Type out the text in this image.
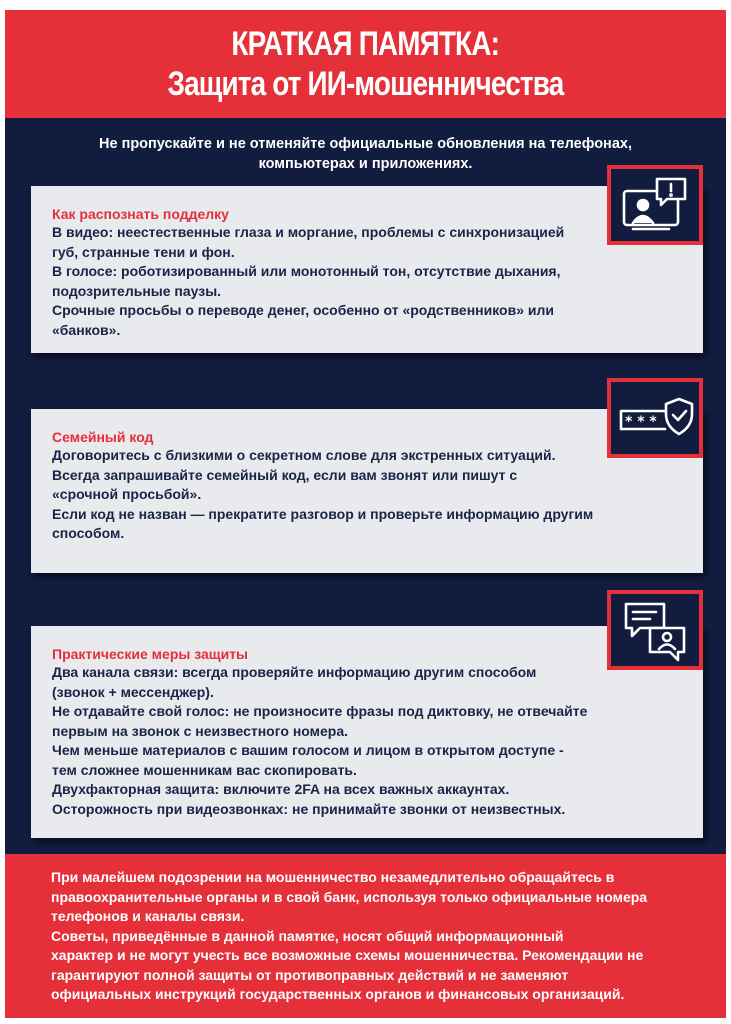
КРАТКАЯ ПАМЯТКА:
Защита от ИИ-мошенничества
Не пропускайте и не отменяйте официальные обновления на телефонах,
компьютерах и приложениях.
Как распознать подделку
В видео: неестественные глаза и моргание, проблемы с синхронизацией
губ, странные тени и фон.
В голосе: роботизированный или монотонный тон, отсутствие дыхания,
подозрительные паузы.
Срочные просьбы о переводе денег, особенно от «родственников» или
«банков».
Семейный код
Договоритесь с близкими о секретном слове для экстренных ситуаций.
Всегда запрашивайте семейный код, если вам звонят или пишут с
«срочной просьбой».
Если код не назван — прекратите разговор и проверьте информацию другим
способом.
* * *
Практические меры защиты
Два канала связи: всегда проверяйте информацию другим способом
(звонок + мессенджер).
Не отдавайте свой голос: не произносите фразы под диктовку, не отвечайте
первым на звонок с неизвестного номера.
Чем меньше материалов с вашим голосом и лицом в открытом доступе -
тем сложнее мошенникам вас скопировать.
Двухфакторная защита: включите 2FA на всех важных аккаунтах.
Осторожность при видеозвонках: не принимайте звонки от неизвестных.
При малейшем подозрении на мошенничество незамедлительно обращайтесь в
правоохранительные органы и в свой банк, используя только официальные номера
телефонов и каналы связи.
Советы, приведённые в данной памятке, носят общий информационный
характер и не могут учесть все возможные схемы мошенничества. Рекомендации не
гарантируют полной защиты от противоправных действий и не заменяют
официальных инструкций государственных органов и финансовых организаций.
